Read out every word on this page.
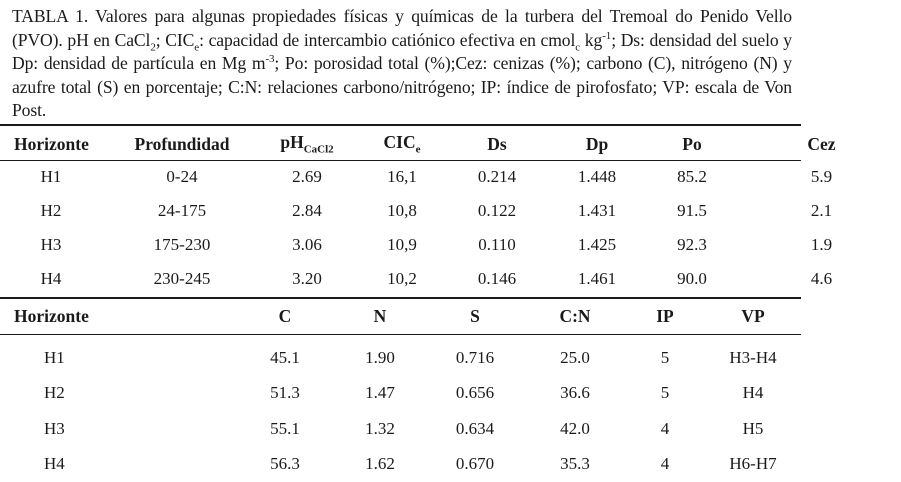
TABLA 1. Valores para algunas propiedades físicas y químicas de la turbera del Tremoal do Penido Vello (PVO). pH en CaCl$_2$; $CIC_e$: capacidad de intercambio catiónico efectiva en cmol$_c$ $kg^{-1}$; Ds: densidad del suelo y Dp: densidad de partícula en Mg $m^{-3}$; Po: porosidad total (%);Cez: cenizas (%); carbono (C), nitrógeno (N) y azufre total (S) en porcentaje; C:N: relaciones carbono/nitrógeno; IP: índice de pirofosfato; VP: escala de Von Post.
Horizonte	Profundidad	$pH_{CaCl2}$	$CIC_e$	Ds	Dp	Po	Cez
H1	0-24	2.69	16,1	0.214	1.448	85.2	5.9
H2	24-175	2.84	10,8	0.122	1.431	91.5	2.1
H3	175-230	3.06	10,9	0.110	1.425	92.3	1.9
H4	230-245	3.20	10,2	0.146	1.461	90.0	4.6
Horizonte	C	N	S	C:N	IP	VP

H1	45.1	1.90	0.716	25.0	5	H3-H4
H2	51.3	1.47	0.656	36.6	5	H4
H3	55.1	1.32	0.634	42.0	4	H5
H4	56.3	1.62	0.670	35.3	4	H6-H7
